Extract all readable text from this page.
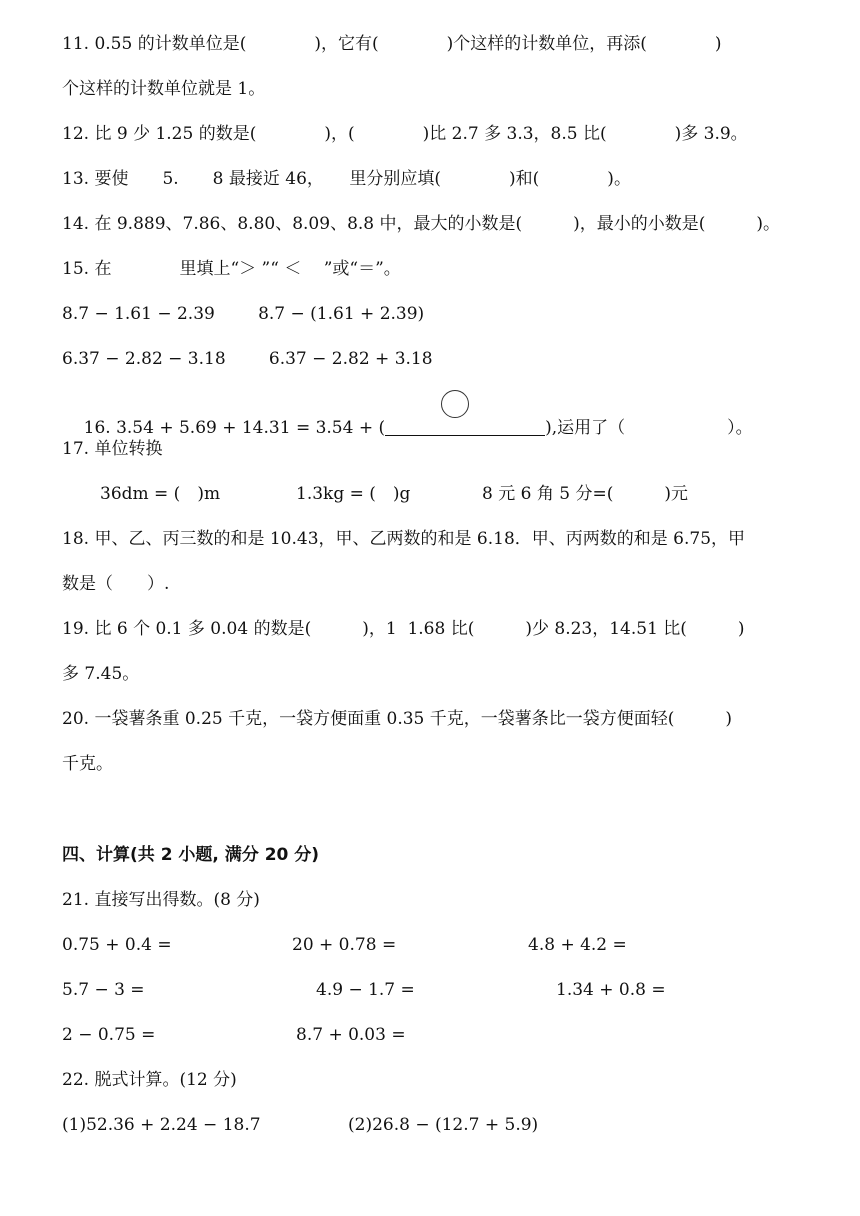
11. 0.55 的计数单位是(　　　　)，它有(　　　　)个这样的计数单位，再添(　　　　)
个这样的计数单位就是 1。
12. 比 9 少 1.25 的数是(　　　　)，(　　　　)比 2.7 多 3.3，8.5 比(　　　　)多 3.9。
13. 要使　　5.　　8 最接近 46，　　里分别应填(　　　　)和(　　　　)。
14. 在 9.889、7.86、8.80、8.09、8.8 中，最大的小数是(　　　)，最小的小数是(　　　)。
15. 在　　　　里填上“＞ ”“ ＜　 ”或“＝”。
8.7 − 1.61 − 2.39        8.7 − (1.61 + 2.39)
6.37 − 2.82 − 3.18        6.37 − 2.82 + 3.18

16. 3.54 + 5.69 + 14.31 = 3.54 + (	),运用了（　　　　　　）。

17. 单位转换
36dm = (　)m	1.3kg = (　)g	8 元 6 角 5 分=(　　　)元
18. 甲、乙、丙三数的和是 10.43，甲、乙两数的和是 6.18．甲、丙两数的和是 6.75，甲
数是（　　）.
19. 比 6 个 0.1 多 0.04 的数是(　　　)，1  1.68 比(　　　)少 8.23，14.51 比(　　　)
多 7.45。
20. 一袋薯条重 0.25 千克，一袋方便面重 0.35 千克，一袋薯条比一袋方便面轻(　　　)
千克。
四、计算(共 2 小题, 满分 20 分)
21. 直接写出得数。(8 分)
0.75 + 0.4 =	20 + 0.78 =	4.8 + 4.2 =
5.7 − 3 =	4.9 − 1.7 =	1.34 + 0.8 =
2 − 0.75 =	8.7 + 0.03 =
22. 脱式计算。(12 分)
(1)52.36 + 2.24 − 18.7	(2)26.8 − (12.7 + 5.9)
